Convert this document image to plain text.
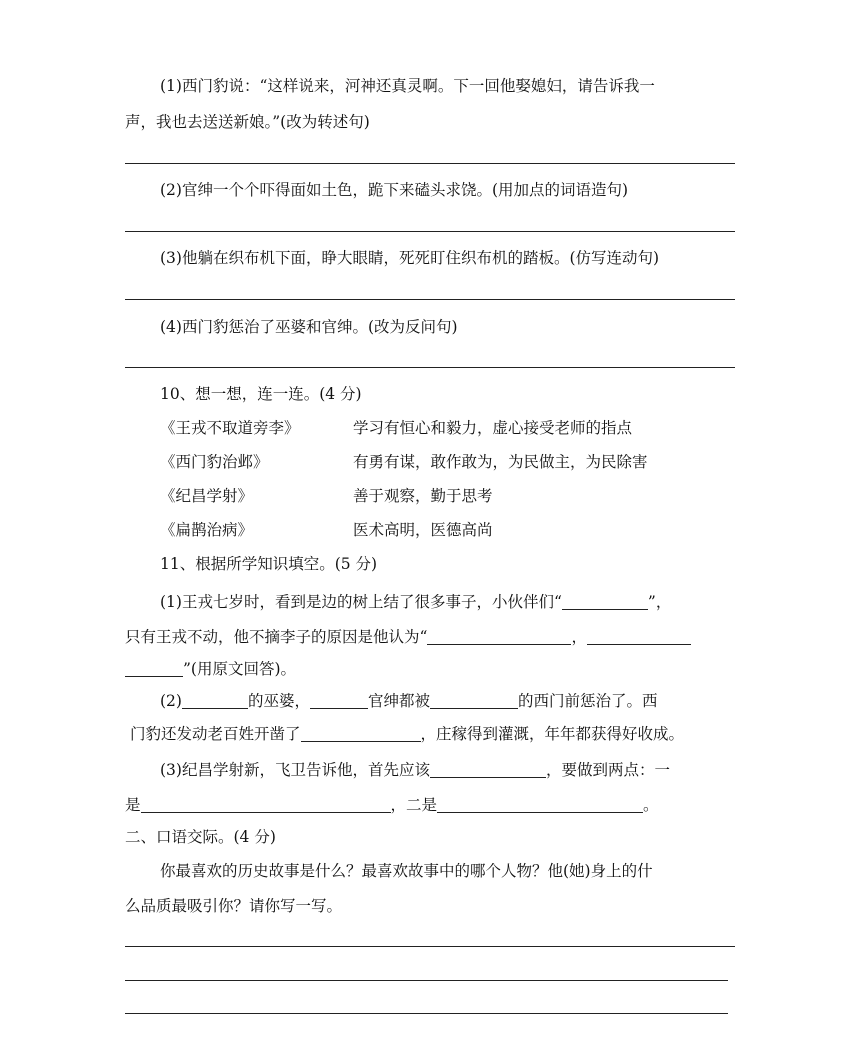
(1)西门豹说：“这样说来，河神还真灵啊。下一回他娶媳妇，请告诉我一
声，我也去送送新娘。”(改为转述句)
(2)官绅一个个吓得面如土色，跪下来磕头求饶。(用加点的词语造句)
(3)他躺在织布机下面，睁大眼睛，死死盯住织布机的踏板。(仿写连动句)
(4)西门豹惩治了巫婆和官绅。(改为反问句)
10、想一想，连一连。(4 分)
《王戎不取道旁李》	学习有恒心和毅力，虚心接受老师的指点
《西门豹治邺》	有勇有谋，敢作敢为，为民做主，为民除害
《纪昌学射》	善于观察，勤于思考
《扁鹊治病》	医术高明，医德高尚
11、根据所学知识填空。(5 分)
(1)王戎七岁时，看到是边的树上结了很多事子，小伙伴们“	”，
只有王戎不动，他不摘李子的原因是他认为“	，
”(用原文回答)。
(2)	的巫婆，	官绅都被	的西门前惩治了。西
门豹还发动老百姓开凿了	，庄稼得到灌溉，年年都获得好收成。
(3)纪昌学射新，飞卫告诉他，首先应该	，要做到两点：一
是	，二是	。
二、口语交际。(4 分)
你最喜欢的历史故事是什么？最喜欢故事中的哪个人物？他(她)身上的什
么品质最吸引你？请你写一写。
